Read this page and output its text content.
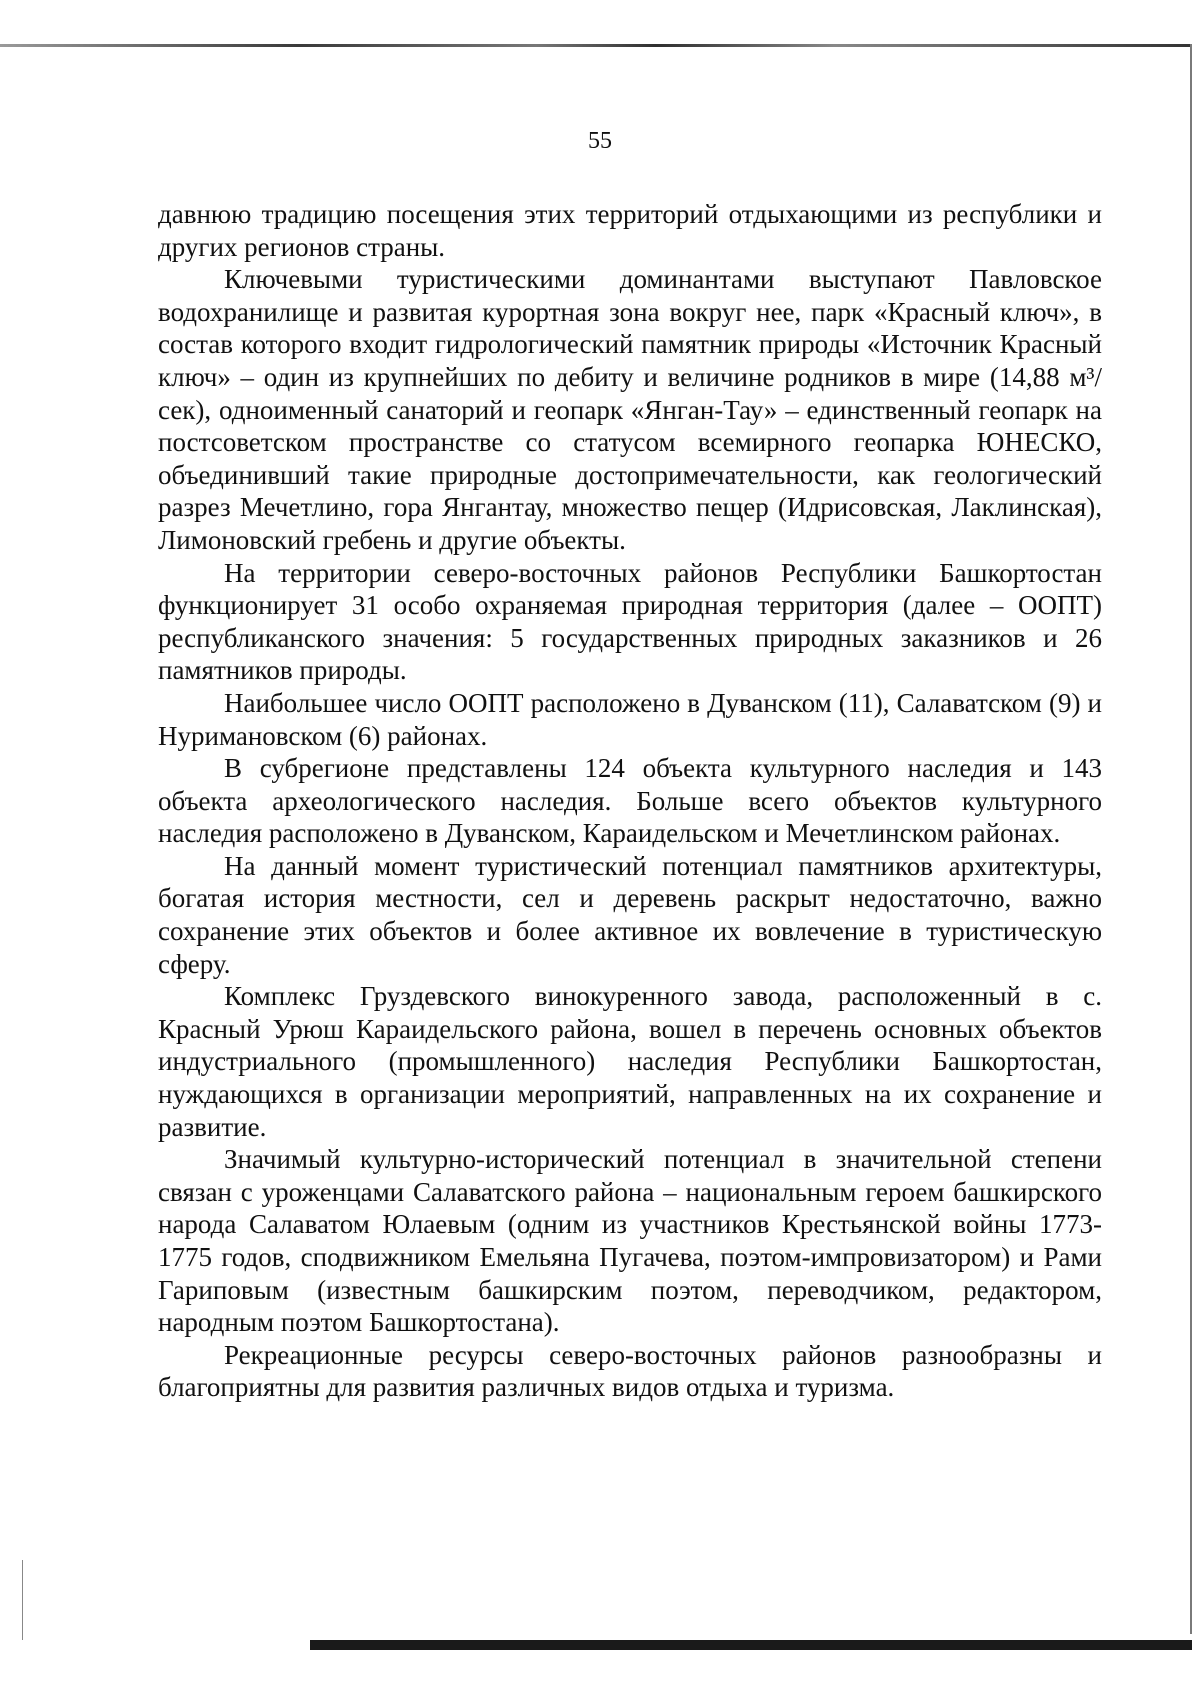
55

давнюю традицию посещения этих территорий отдыхающими из республики и других регионов страны.

Ключевыми туристическими доминантами выступают Павловское водохранилище и развитая курортная зона вокруг нее, парк «Красный ключ», в состав которого входит гидрологический памятник природы «Источник Красный ключ» – один из крупнейших по дебиту и величине родников в мире (14,88 м³/сек), одноименный санаторий и геопарк «Янган-Тау» – единственный геопарк на постсоветском пространстве со статусом всемирного геопарка ЮНЕСКО, объединивший такие природные достопримечательности, как геологический разрез Мечетлино, гора Янгантау, множество пещер (Идрисовская, Лаклинская), Лимоновский гребень и другие объекты.

На территории северо-восточных районов Республики Башкортостан функционирует 31 особо охраняемая природная территория (далее – ООПТ) республиканского значения: 5 государственных природных заказников и 26 памятников природы.

Наибольшее число ООПТ расположено в Дуванском (11), Салаватском (9) и Нуримановском (6) районах.

В субрегионе представлены 124 объекта культурного наследия и 143 объекта археологического наследия. Больше всего объектов культурного наследия расположено в Дуванском, Караидельском и Мечетлинском районах.

На данный момент туристический потенциал памятников архитектуры, богатая история местности, сел и деревень раскрыт недостаточно, важно сохранение этих объектов и более активное их вовлечение в туристическую сферу.

Комплекс Груздевского винокуренного завода, расположенный в с. Красный Урюш Караидельского района, вошел в перечень основных объектов индустриального (промышленного) наследия Республики Башкортостан, нуждающихся в организации мероприятий, направленных на их сохранение и развитие.

Значимый культурно-исторический потенциал в значительной степени связан с уроженцами Салаватского района – национальным героем башкирского народа Салаватом Юлаевым (одним из участников Крестьянской войны 1773-1775 годов, сподвижником Емельяна Пугачева, поэтом-импровизатором) и Рами Гариповым (известным башкирским поэтом, переводчиком, редактором, народным поэтом Башкортостана).

Рекреационные ресурсы северо-восточных районов разнообразны и благоприятны для развития различных видов отдыха и туризма.
